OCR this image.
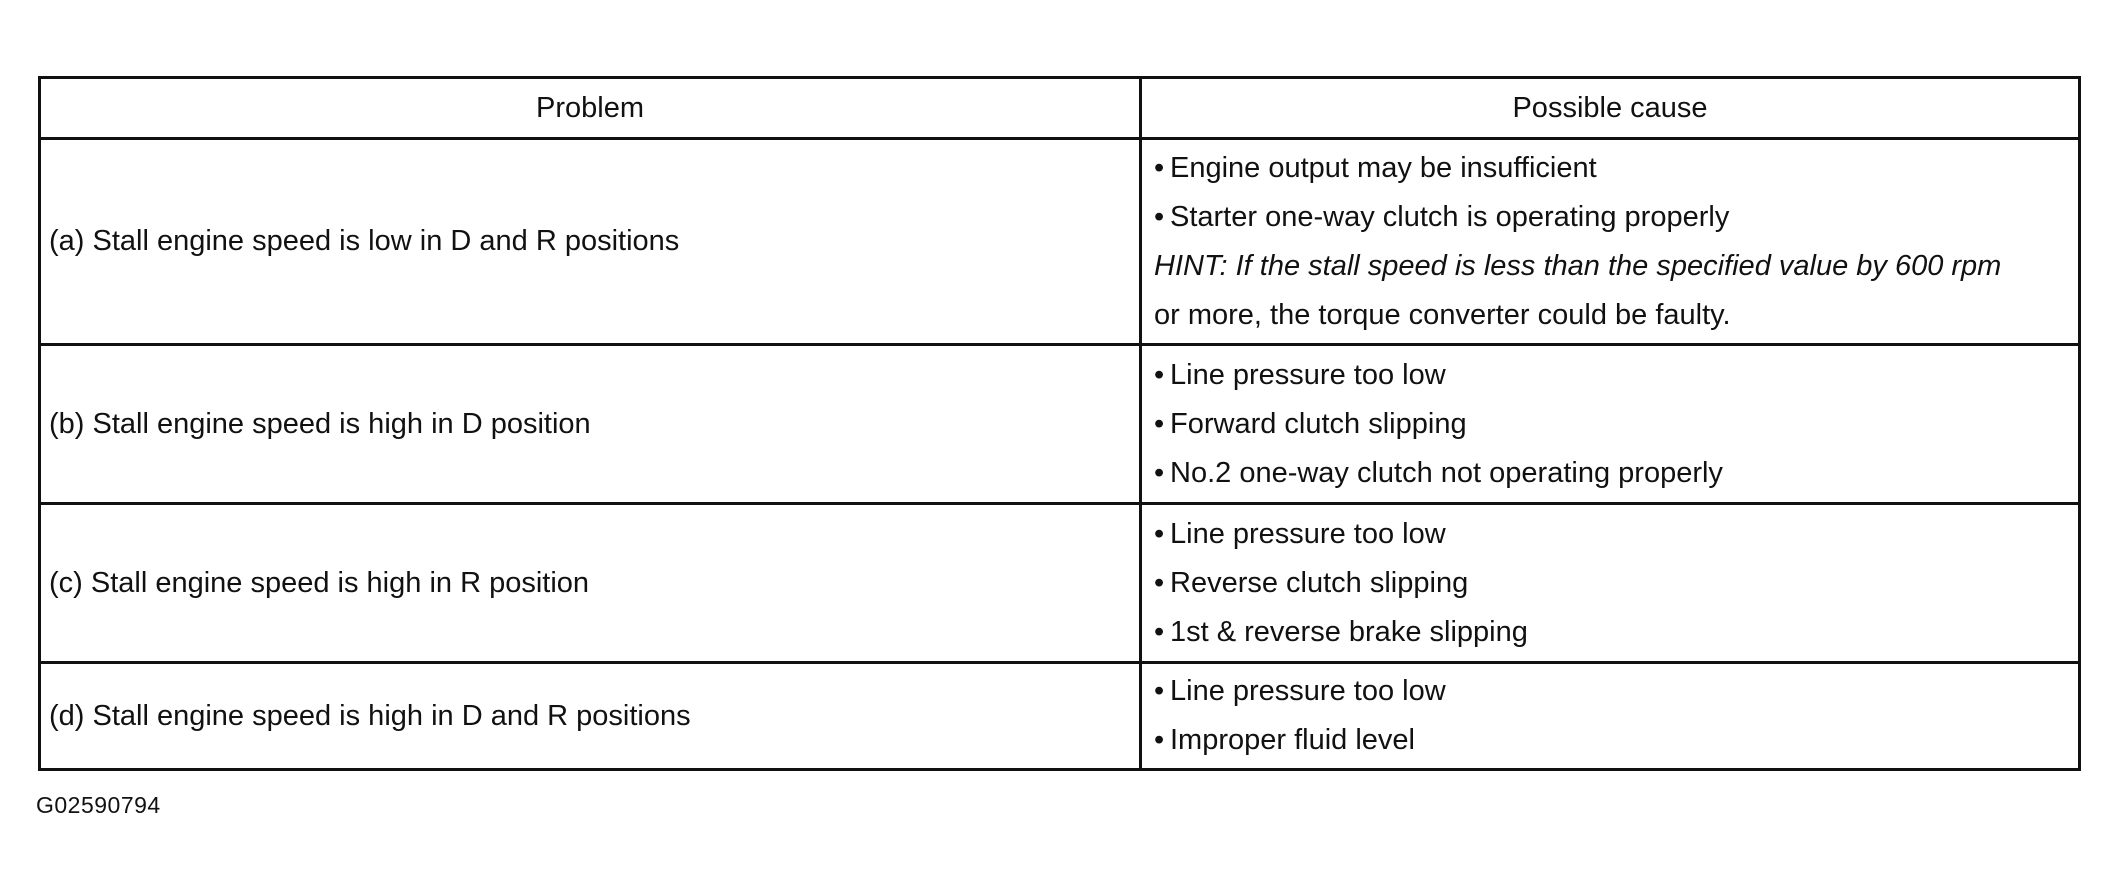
Problem	Possible cause
(a) Stall engine speed is low in D and R positions
• Engine output may be insufficient
• Starter one-way clutch is operating properly
HINT: If the stall speed is less than the specified value by 600 rpm
or more, the torque converter could be faulty.
(b) Stall engine speed is high in D position
• Line pressure too low
• Forward clutch slipping
• No.2 one-way clutch not operating properly
(c) Stall engine speed is high in R position
• Line pressure too low
• Reverse clutch slipping
• 1st & reverse brake slipping
(d) Stall engine speed is high in D and R positions
• Line pressure too low
• Improper fluid level
G02590794
